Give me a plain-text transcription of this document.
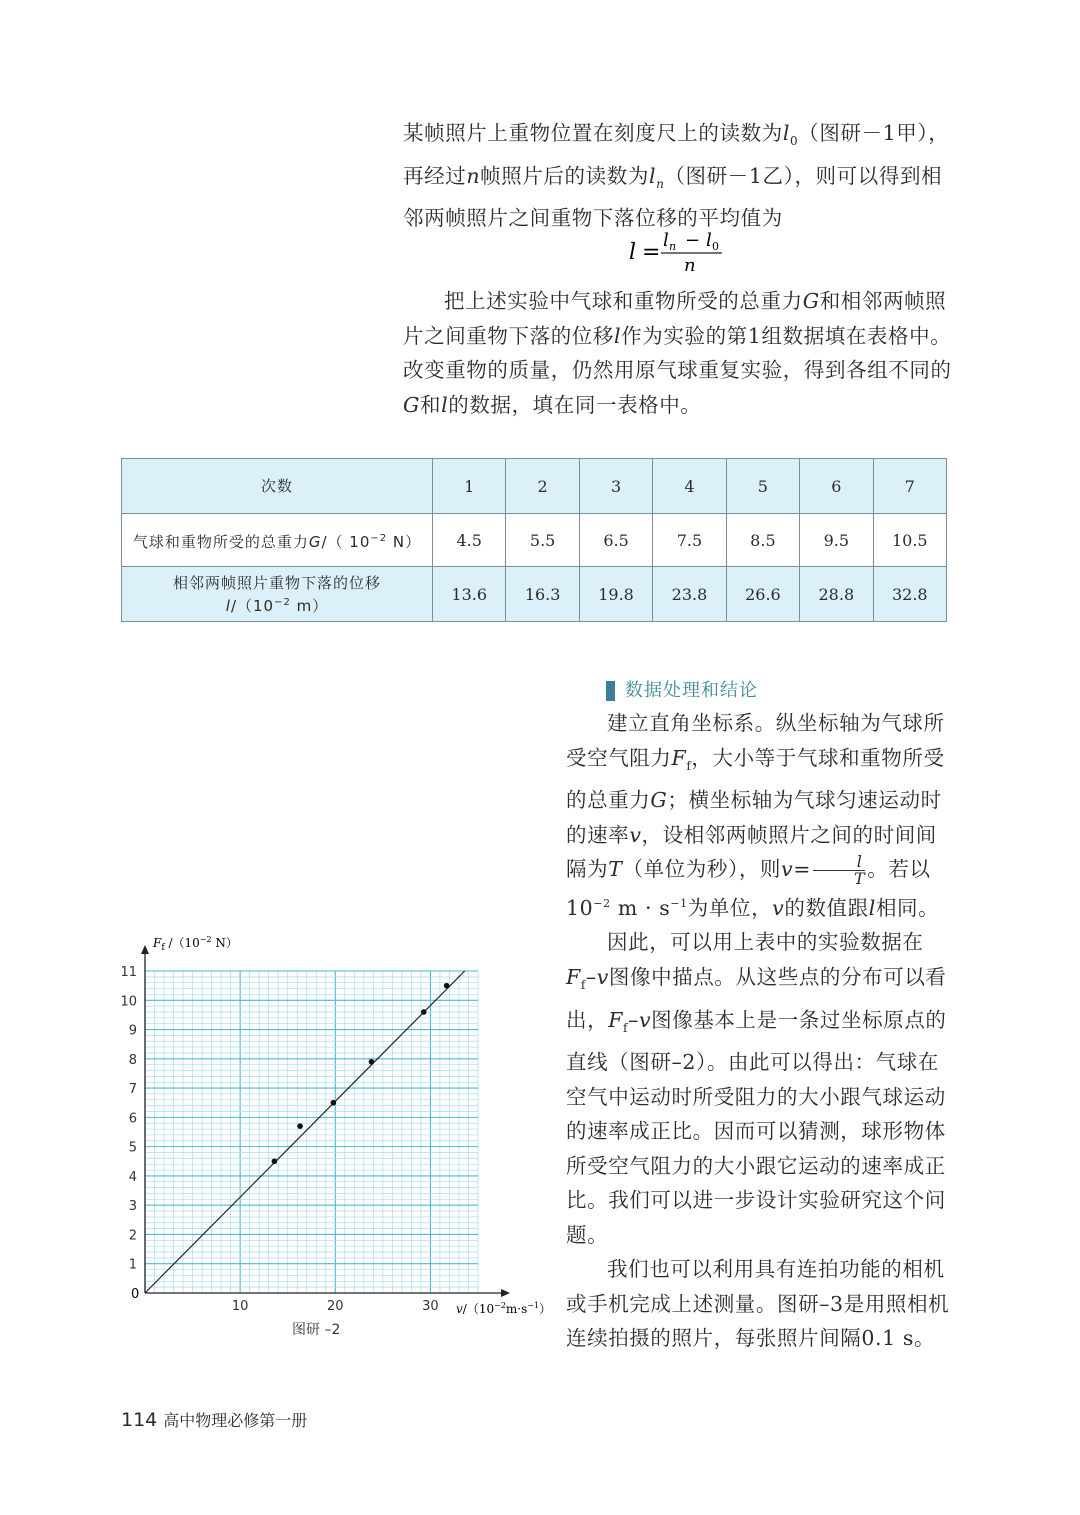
某帧照片上重物位置在刻度尺上的读数为$l_0$（图研－1甲），

再经过n帧照片后的读数为$l_n$（图研－1乙），则可以得到相

邻两帧照片之间重物下落位移的平均值为

l = l n − l 0
n

把上述实验中气球和重物所受的总重力G和相邻两帧照片之间重物下落的位移l作为实验的第1组数据填在表格中。改变重物的质量，仍然用原气球重复实验，得到各组不同的G和l的数据，填在同一表格中。

次数	1	2	3	4	5	6	7
气球和重物所受的总重力G/（ $10^{-2}$ N）	4.5	5.5	6.5	7.5	8.5	9.5	10.5

相邻两帧照片重物下落的位移
$l/(10^{-2}$ m）	13.6	16.3	19.8	23.8	26.6	28.8	32.8
数据处理和结论

建立直角坐标系。纵坐标轴为气球所受空气阻力$F_f$，大小等于气球和重物所受的总重力G；横坐标轴为气球匀速运动时的速率v，设相邻两帧照片之间的时间间隔为T（单位为秒），则$v= \frac{l}{T}$ 。若以$10^{-2}$ $m \cdot s^{-1}$为单位，v的数值跟l相同。

因此，可以用上表中的实验数据在$F_f-v$图像中描点。从这些点的分布可以看出，$F_f-v$图像基本上是一条过坐标原点的直线（图研–2）。由此可以得出：气球在空气中运动时所受阻力的大小跟气球运动的速率成正比。因而可以猜测，球形物体所受空气阻力的大小跟它运动的速率成正比。我们可以进一步设计实验研究这个问题。

我们也可以利用具有连拍功能的相机或手机完成上述测量。图研–3是用照相机连续拍摄的照片，每张照片间隔0.1 s。

10	20	30
1
2
3
4
5
6
7
8
9
10
11
0
$F_f$ $/(10^{-2}$ N）
$v/(10^{-2}m\cdot s^{-1})$
图研 –2
114 高中物理必修第一册
